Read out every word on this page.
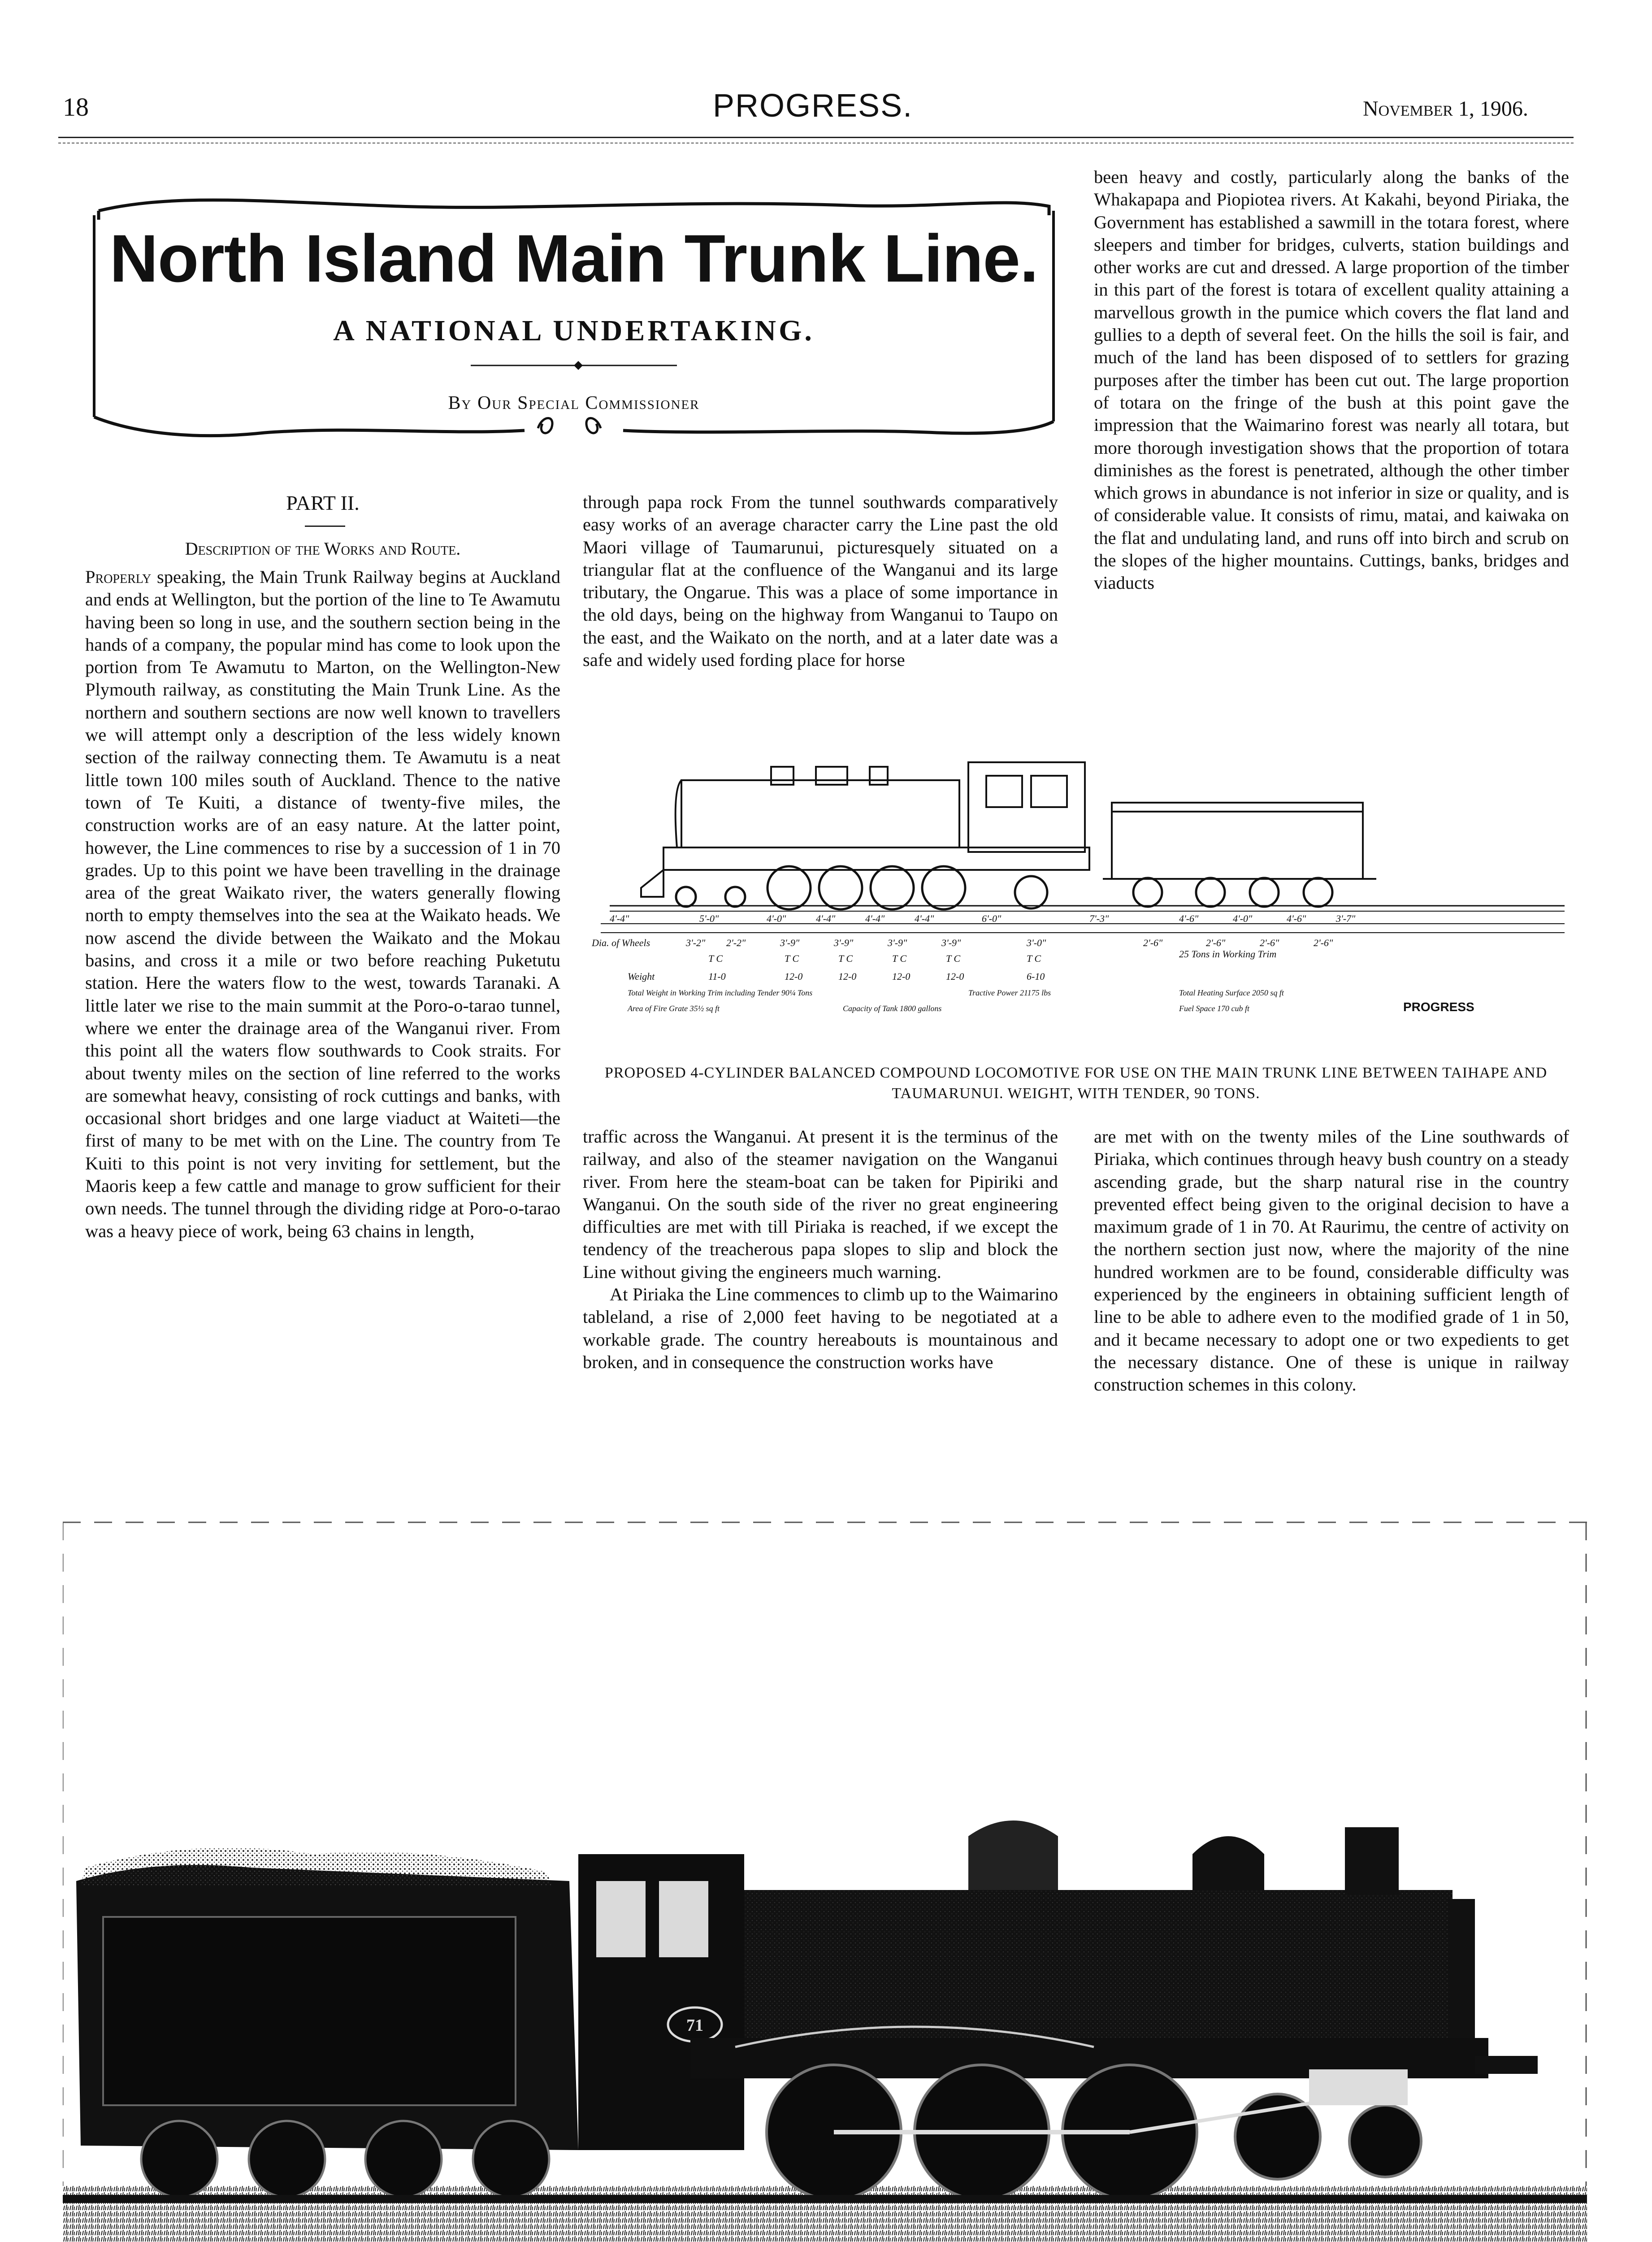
18	PROGRESS.	November 1, 1906.
North Island Main Trunk Line.
A NATIONAL UNDERTAKING.
By Our Special Commissioner
PART II.
Description of the Works and Route.

Properly speaking, the Main Trunk Railway begins at Auckland and ends at Wellington, but the portion of the line to Te Awamutu having been so long in use, and the southern section being in the hands of a company, the popular mind has come to look upon the portion from Te Awamutu to Marton, on the Wellington-New Plymouth railway, as constituting the Main Trunk Line. As the northern and southern sections are now well known to travellers we will attempt only a description of the less widely known section of the railway connecting them. Te Awamutu is a neat little town 100 miles south of Auckland. Thence to the native town of Te Kuiti, a distance of twenty-five miles, the construction works are of an easy nature. At the latter point, however, the Line commences to rise by a succession of 1 in 70 grades. Up to this point we have been travelling in the drainage area of the great Waikato river, the waters generally flowing north to empty themselves into the sea at the Waikato heads. We now ascend the divide between the Waikato and the Mokau basins, and cross it a mile or two before reaching Puketutu station. Here the waters flow to the west, towards Taranaki. A little later we rise to the main summit at the Poro-o-tarao tunnel, where we enter the drainage area of the Wanganui river. From this point all the waters flow southwards to Cook straits. For about twenty miles on the section of line referred to the works are somewhat heavy, consisting of rock cuttings and banks, with occasional short bridges and one large viaduct at Waiteti—the first of many to be met with on the Line. The country from Te Kuiti to this point is not very inviting for settlement, but the Maoris keep a few cattle and manage to grow sufficient for their own needs. The tunnel through the dividing ridge at Poro-o-tarao was a heavy piece of work, being 63 chains in length,

through papa rock From the tunnel southwards comparatively easy works of an average character carry the Line past the old Maori village of Taumarunui, picturesquely situated on a triangular flat at the confluence of the Wanganui and its large tributary, the Ongarue. This was a place of some importance in the old days, being on the highway from Wanganui to Taupo on the east, and the Waikato on the north, and at a later date was a safe and widely used fording place for horse

been heavy and costly, particularly along the banks of the Whakapapa and Piopiotea rivers. At Kakahi, beyond Piriaka, the Government has established a sawmill in the totara forest, where sleepers and timber for bridges, culverts, station buildings and other works are cut and dressed. A large proportion of the timber in this part of the forest is totara of excellent quality attaining a marvellous growth in the pumice which covers the flat land and gullies to a depth of several feet. On the hills the soil is fair, and much of the land has been disposed of to settlers for grazing purposes after the timber has been cut out. The large proportion of totara on the fringe of the bush at this point gave the impression that the Waimarino forest was nearly all totara, but more thorough investigation shows that the proportion of totara diminishes as the forest is penetrated, although the other timber which grows in abundance is not inferior in size or quality, and is of considerable value. It consists of rimu, matai, and kaiwaka on the flat and undulating land, and runs off into birch and scrub on the slopes of the higher mountains. Cuttings, banks, bridges and viaducts

4'-4"	5'-0"	4'-0"	4'-4"	4'-4"	4'-4"	6'-0"	7'-3"	4'-6"	4'-0"	4'-6"	3'-7"
Dia. of Wheels	3'-2" 2'-2"	3'-9"	3'-9"	3'-9"	3'-9"	3'-0"	2'-6"	2'-6"	2'-6"	2'-6"
T C	T C	T C	T C	T C	T C	25 Tons in Working Trim
Weight	11-0	12-0	12-0	12-0	12-0	6-10
Total Weight in Working Trim including Tender 90¼ Tons	Tractive Power 21175 lbs	Total Heating Surface 2050 sq ft
Area of Fire Grate 35½ sq ft	Capacity of Tank 1800 gallons	Fuel Space 170 cub ft	PROGRESS
PROPOSED 4-CYLINDER BALANCED COMPOUND LOCOMOTIVE FOR USE ON THE MAIN TRUNK LINE BETWEEN TAIHAPE AND TAUMARUNUI. WEIGHT, WITH TENDER, 90 TONS.

traffic across the Wanganui. At present it is the terminus of the railway, and also of the steamer navigation on the Wanganui river. From here the steam-boat can be taken for Pipiriki and Wanganui. On the south side of the river no great engineering difficulties are met with till Piriaka is reached, if we except the tendency of the treacherous papa slopes to slip and block the Line without giving the engineers much warning.

At Piriaka the Line commences to climb up to the Waimarino tableland, a rise of 2,000 feet having to be negotiated at a workable grade. The country hereabouts is mountainous and broken, and in consequence the construction works have

are met with on the twenty miles of the Line southwards of Piriaka, which continues through heavy bush country on a steady ascending grade, but the sharp natural rise in the country prevented effect being given to the original decision to have a maximum grade of 1 in 70. At Raurimu, the centre of activity on the northern section just now, where the majority of the nine hundred workmen are to be found, considerable difficulty was experienced by the engineers in obtaining sufficient length of line to be able to adhere even to the modified grade of 1 in 50, and it became necessary to adopt one or two expedients to get the necessary distance. One of these is unique in railway construction schemes in this colony.

71
